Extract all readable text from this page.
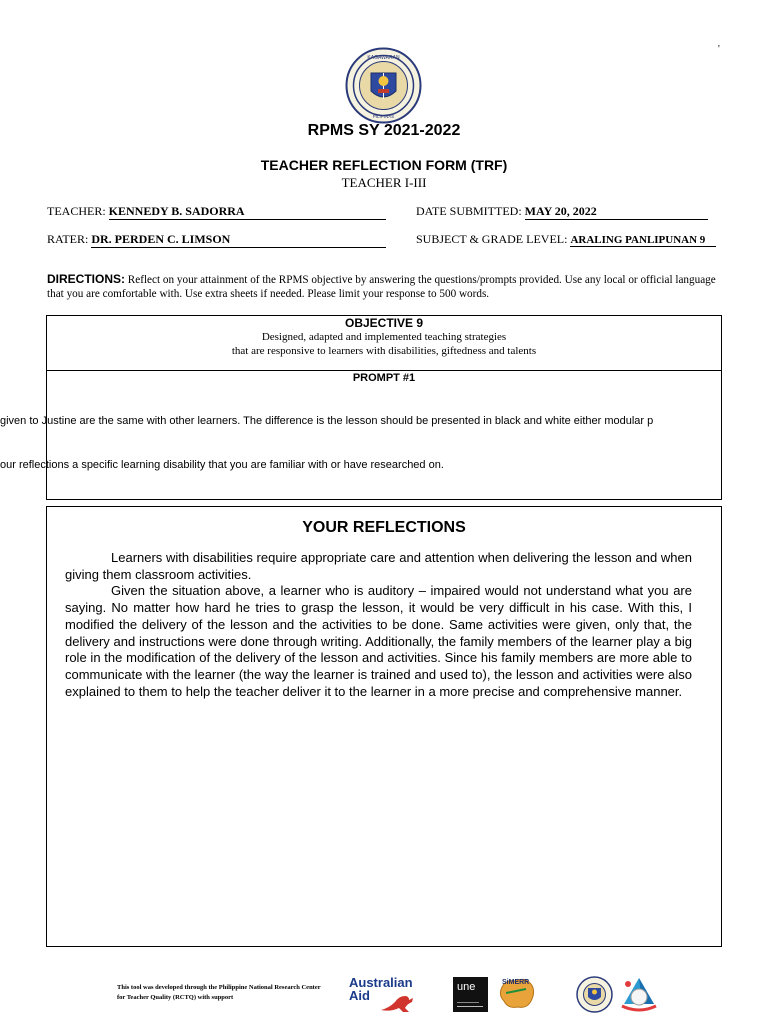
'
KAGAWARAN
PILIPINAS
RPMS SY 2021-2022
TEACHER REFLECTION FORM (TRF)
TEACHER I-III
TEACHER: KENNEDY B. SADORRA	DATE SUBMITTED: MAY 20, 2022
RATER: DR. PERDEN C. LIMSON	SUBJECT & GRADE LEVEL: ARALING PANLIPUNAN 9
DIRECTIONS: Reflect on your attainment of the RPMS objective by answering the questions/prompts provided. Use any local or official language that you are comfortable with. Use extra sheets if needed. Please limit your response to 500 words.
OBJECTIVE 9
Designed, adapted and implemented teaching strategies
that are responsive to learners with disabilities, giftedness and talents
PROMPT #1
given to Justine are the same with other learners. The difference is the lesson should be presented in black and white either modular p
our reflections a specific learning disability that you are familiar with or have researched on.
YOUR REFLECTIONS

Learners with disabilities require appropriate care and attention when delivering the lesson and when giving them classroom activities.

Given the situation above, a learner who is auditory – impaired would not understand what you are saying. No matter how hard he tries to grasp the lesson, it would be very difficult in his case. With this, I modified the delivery of the lesson and the activities to be done. Same activities were given, only that, the delivery and instructions were done through writing. Additionally, the family members of the learner play a big role in the modification of the delivery of the lesson and activities. Since his family members are more able to communicate with the learner (the way the learner is trained and used to), the lesson and activities were also explained to them to help the teacher deliver it to the learner in a more precise and comprehensive manner.

This tool was developed through the Philippine National Research Center for Teacher Quality (RCTQ) with support
Australian
Aid
une	SiMERR
